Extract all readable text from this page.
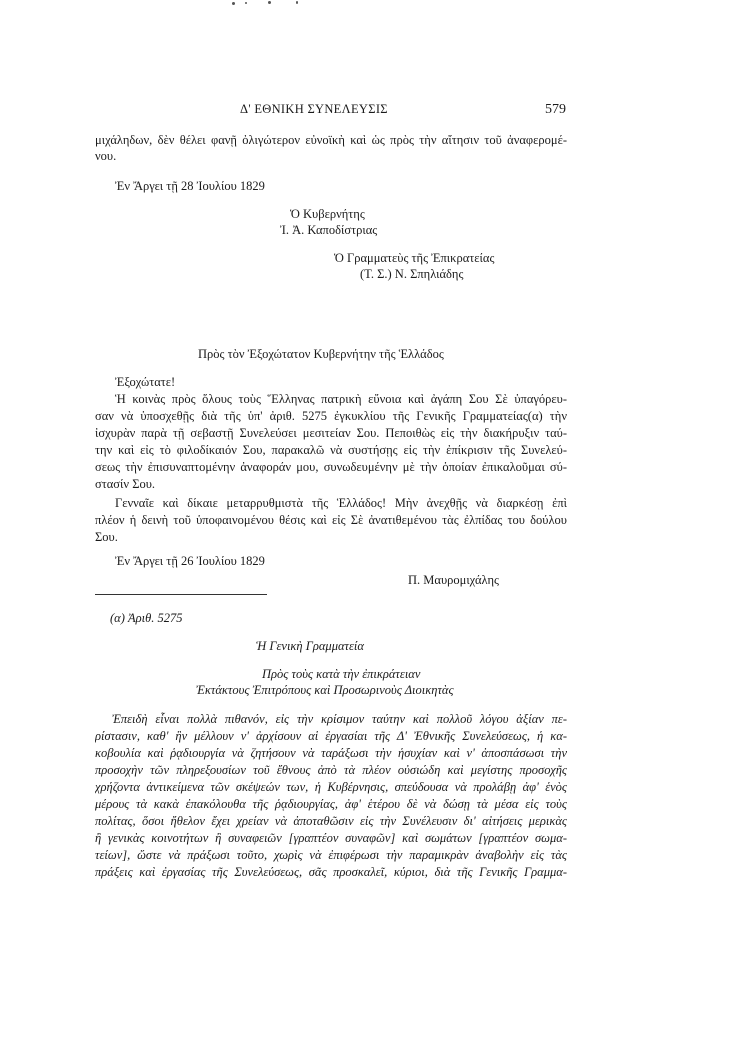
Δ' ΕΘΝΙΚΗ ΣΥΝΕΛΕΥΣΙΣ	579
μιχάληδων, δὲν θέλει φανῇ ὀλιγώτερον εὐνοϊκὴ καὶ ὡς πρὸς τὴν αἴτησιν τοῦ ἀναφερομέ-
νου.
Ἐν Ἄργει τῇ 28 Ἰουλίου 1829
Ὁ Κυβερνήτης
Ἰ. Ἀ. Καποδίστριας
Ὁ Γραμματεὺς τῆς Ἐπικρατείας
(Τ. Σ.) Ν. Σπηλιάδης
Πρὸς τὸν Ἐξοχώτατον Κυβερνήτην τῆς Ἑλλάδος
Ἐξοχώτατε!
Ἡ κοινὰς πρὸς ὅλους τοὺς Ἕλληνας πατρικὴ εὔνοια καὶ ἀγάπη Σου Σὲ ὑπαγόρευ-
σαν νὰ ὑποσχεθῇς διὰ τῆς ὑπ' ἀριθ. 5275 ἐγκυκλίου τῆς Γενικῆς Γραμματείας(α) τὴν
ἰσχυρὰν παρὰ τῇ σεβαστῇ Συνελεύσει μεσιτείαν Σου. Πεποιθὼς εἰς τὴν διακήρυξιν ταύ-
την καὶ εἰς τὸ φιλοδίκαιόν Σου, παρακαλῶ νὰ συστήσῃς εἰς τὴν ἐπίκρισιν τῆς Συνελεύ-
σεως τὴν ἐπισυναπτομένην ἀναφοράν μου, συνωδευμένην μὲ τὴν ὁποίαν ἐπικαλοῦμαι σύ-
στασίν Σου.
Γενναῖε καὶ δίκαιε μεταρρυθμιστὰ τῆς Ἑλλάδος! Μὴν ἀνεχθῇς νὰ διαρκέσῃ ἐπὶ
πλέον ἡ δεινὴ τοῦ ὑποφαινομένου θέσις καὶ εἰς Σὲ ἀνατιθεμένου τὰς ἐλπίδας του δούλου
Σου.
Ἐν Ἄργει τῇ 26 Ἰουλίου 1829
Π. Μαυρομιχάλης
(α) Ἀριθ. 5275
Ἡ Γενικὴ Γραμματεία
Πρὸς τοὺς κατὰ τὴν ἐπικράτειαν
Ἐκτάκτους Ἐπιτρόπους καὶ Προσωρινοὺς Διοικητὰς
Ἐπειδὴ εἶναι πολλὰ πιθανόν, εἰς τὴν κρίσιμον ταύτην καὶ πολλοῦ λόγου ἀξίαν πε-
ρίστασιν, καθ' ἣν μέλλουν ν' ἀρχίσουν αἱ ἐργασίαι τῆς Δ' Ἐθνικῆς Συνελεύσεως, ἡ κα-
κοβουλία καὶ ῥᾳδιουργία νὰ ζητήσουν νὰ ταράξωσι τὴν ἡσυχίαν καὶ ν' ἀποσπάσωσι τὴν
προσοχὴν τῶν πληρεξουσίων τοῦ ἔθνους ἀπὸ τὰ πλέον οὐσιώδη καὶ μεγίστης προσοχῆς
χρήζοντα ἀντικείμενα τῶν σκέψεών των, ἡ Κυβέρνησις, σπεύδουσα νὰ προλάβῃ ἀφ' ἑνὸς
μέρους τὰ κακὰ ἐπακόλουθα τῆς ῥᾳδιουργίας, ἀφ' ἑτέρου δὲ νὰ δώσῃ τὰ μέσα εἰς τοὺς
πολίτας, ὅσοι ἤθελον ἔχει χρείαν νὰ ἀποταθῶσιν εἰς τὴν Συνέλευσιν δι' αἰτήσεις μερικὰς
ἢ γενικὰς κοινοτήτων ἢ συναφειῶν [γραπτέον συναφῶν] καὶ σωμάτων [γραπτέον σωμα-
τείων], ὥστε νὰ πράξωσι τοῦτο, χωρὶς νὰ ἐπιφέρωσι τὴν παραμικρὰν ἀναβολὴν εἰς τὰς
πράξεις καὶ ἐργασίας τῆς Συνελεύσεως, σᾶς προσκαλεῖ, κύριοι, διὰ τῆς Γενικῆς Γραμμα-
